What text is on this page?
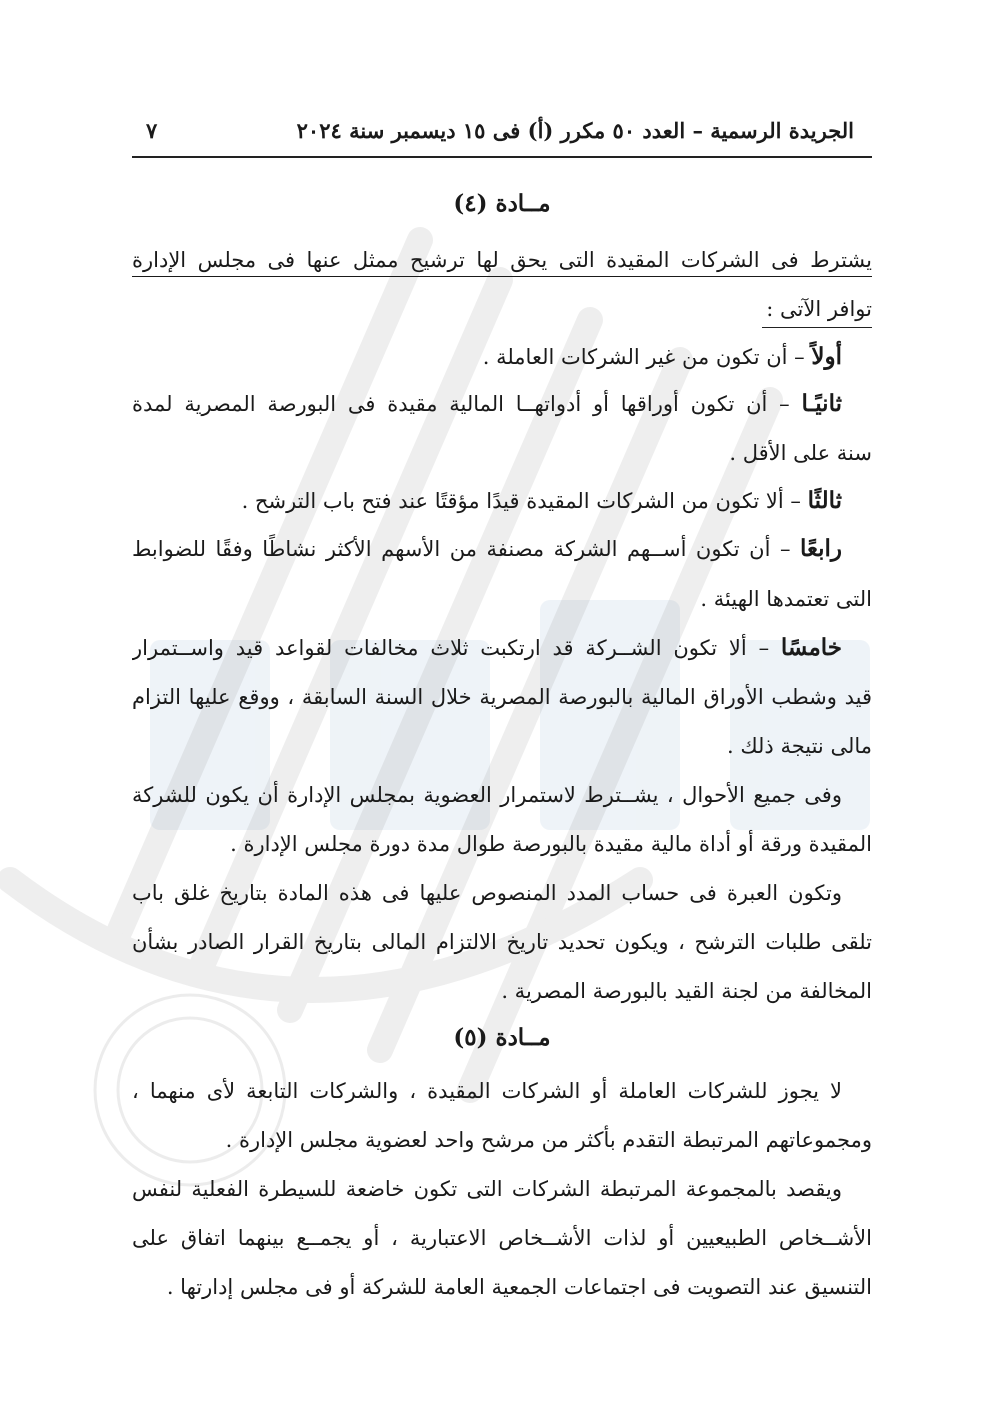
الجريدة الرسمية – العدد ٥٠ مكرر (أ) فى ١٥ ديسمبر سنة ٢٠٢٤
٧
مــادة (٤)
يشترط فى الشركات المقيدة التى يحق لها ترشيح ممثل عنها فى مجلس الإدارة
توافر الآتى :
أولاً – أن تكون من غير الشركات العاملة .
ثانيًـا – أن تكون أوراقها أو أدواتهــا المالية مقيدة فى البورصة المصرية لمدة
سنة على الأقل .
ثالثًا – ألا تكون من الشركات المقيدة قيدًا مؤقتًا عند فتح باب الترشح .
رابعًا – أن تكون أســهم الشركة مصنفة من الأسهم الأكثر نشاطًا وفقًا للضوابط
التى تعتمدها الهيئة .
خامسًا – ألا تكون الشــركة قد ارتكبت ثلاث مخالفات لقواعد قيد واســتمرار
قيد وشطب الأوراق المالية بالبورصة المصرية خلال السنة السابقة ، ووقع عليها التزام
مالى نتيجة ذلك .
وفى جميع الأحوال ، يشــترط لاستمرار العضوية بمجلس الإدارة أن يكون للشركة
المقيدة ورقة أو أداة مالية مقيدة بالبورصة طوال مدة دورة مجلس الإدارة .
وتكون العبرة فى حساب المدد المنصوص عليها فى هذه المادة بتاريخ غلق باب
تلقى طلبات الترشح ، ويكون تحديد تاريخ الالتزام المالى بتاريخ القرار الصادر بشأن
المخالفة من لجنة القيد بالبورصة المصرية .
مــادة (٥)
لا يجوز للشركات العاملة أو الشركات المقيدة ، والشركات التابعة لأى منهما ،
ومجموعاتهم المرتبطة التقدم بأكثر من مرشح واحد لعضوية مجلس الإدارة .
ويقصد بالمجموعة المرتبطة الشركات التى تكون خاضعة للسيطرة الفعلية لنفس
الأشــخاص الطبيعيين أو لذات الأشــخاص الاعتبارية ، أو يجمــع بينهما اتفاق على
التنسيق عند التصويت فى اجتماعات الجمعية العامة للشركة أو فى مجلس إدارتها .
